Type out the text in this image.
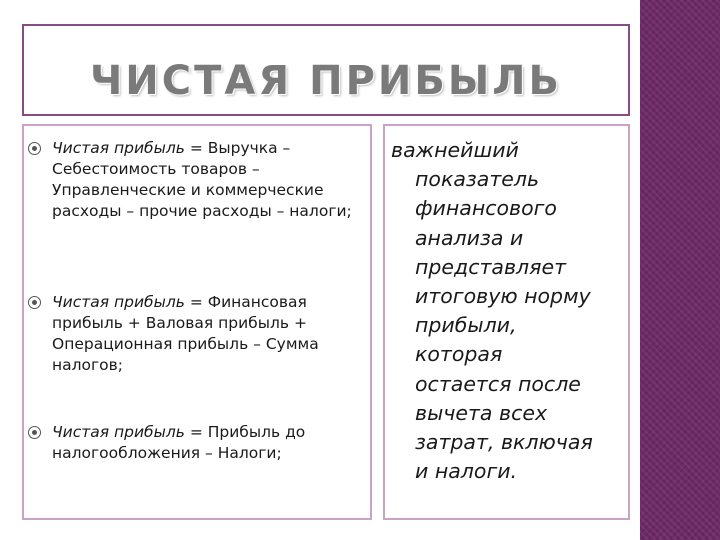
ЧИСТАЯ ПРИБЫЛЬ
Чистая прибыль = Выручка – Себестоимость товаров – Управленческие и коммерческие расходы – прочие расходы – налоги;
Чистая прибыль = Финансовая прибыль + Валовая прибыль + Операционная прибыль – Сумма налогов;
Чистая прибыль = Прибыль до налогообложения – Налоги;
важнейший
показатель
финансового
анализа и
представляет
итоговую норму
прибыли,
которая
остается после
вычета всех
затрат, включая
и налоги.
